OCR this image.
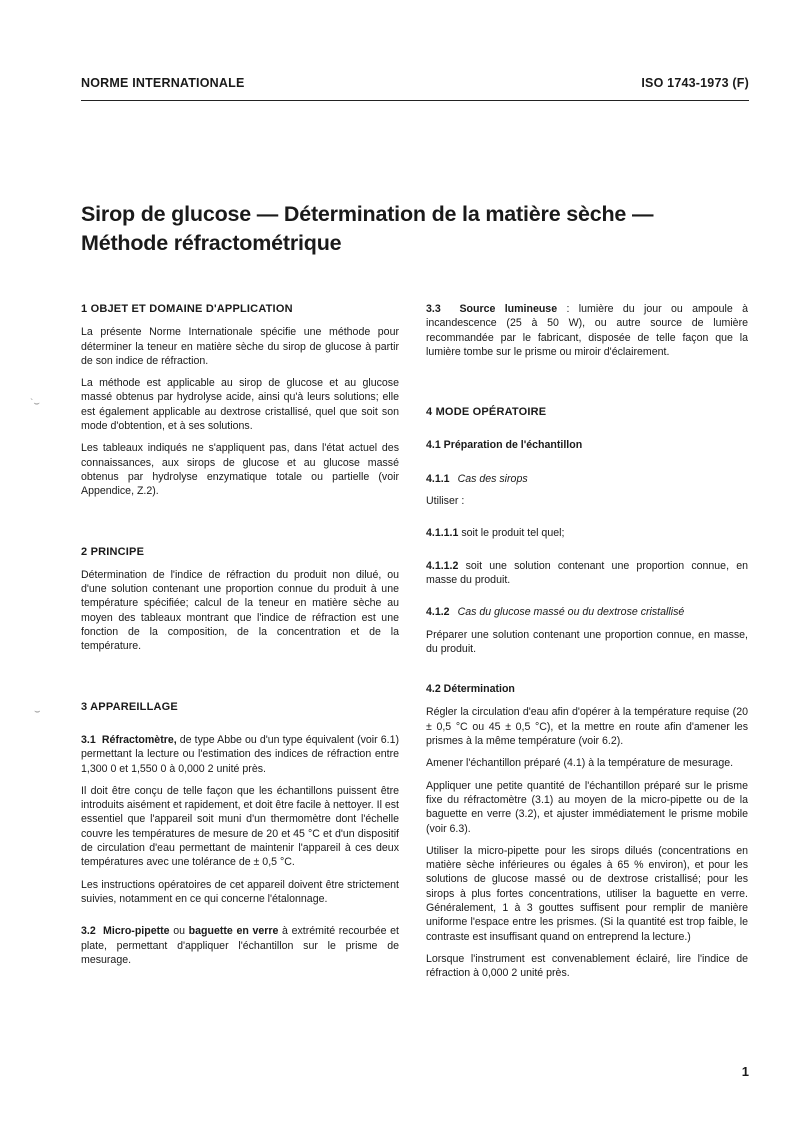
NORME INTERNATIONALE	ISO 1743-1973 (F)
`⌣
⌣
Sirop de glucose — Détermination de la matière sèche —
Méthode réfractométrique
1 OBJET ET DOMAINE D'APPLICATION

La présente Norme Internationale spécifie une méthode pour déterminer la teneur en matière sèche du sirop de glucose à partir de son indice de réfraction.

La méthode est applicable au sirop de glucose et au glucose massé obtenus par hydrolyse acide, ainsi qu'à leurs solutions; elle est également applicable au dextrose cristallisé, quel que soit son mode d'obtention, et à ses solutions.

Les tableaux indiqués ne s'appliquent pas, dans l'état actuel des connaissances, aux sirops de glucose et au glucose massé obtenus par hydrolyse enzymatique totale ou partielle (voir Appendice, Z.2).

2 PRINCIPE

Détermination de l'indice de réfraction du produit non dilué, ou d'une solution contenant une proportion connue du produit à une température spécifiée; calcul de la teneur en matière sèche au moyen des tableaux montrant que l'indice de réfraction est une fonction de la composition, de la concentration et de la température.

3 APPAREILLAGE

3.1 Réfractomètre, de type Abbe ou d'un type équivalent (voir 6.1) permettant la lecture ou l'estimation des indices de réfraction entre 1,300 0 et 1,550 0 à 0,000 2 unité près.

Il doit être conçu de telle façon que les échantillons puissent être introduits aisément et rapidement, et doit être facile à nettoyer. Il est essentiel que l'appareil soit muni d'un thermomètre dont l'échelle couvre les températures de mesure de 20 et 45 °C et d'un dispositif de circulation d'eau permettant de maintenir l'appareil à ces deux températures avec une tolérance de ± 0,5 °C.

Les instructions opératoires de cet appareil doivent être strictement suivies, notamment en ce qui concerne l'étalonnage.

3.2 Micro-pipette ou baguette en verre à extrémité recourbée et plate, permettant d'appliquer l'échantillon sur le prisme de mesurage.

3.3 Source lumineuse : lumière du jour ou ampoule à incandescence (25 à 50 W), ou autre source de lumière recommandée par le fabricant, disposée de telle façon que la lumière tombe sur le prisme ou miroir d'éclairement.

4 MODE OPÉRATOIRE
4.1 Préparation de l'échantillon
4.1.1 Cas des sirops

Utiliser :

4.1.1.1 soit le produit tel quel;

4.1.1.2 soit une solution contenant une proportion connue, en masse du produit.

4.1.2 Cas du glucose massé ou du dextrose cristallisé

Préparer une solution contenant une proportion connue, en masse, du produit.

4.2 Détermination

Régler la circulation d'eau afin d'opérer à la température requise (20 ± 0,5 °C ou 45 ± 0,5 °C), et la mettre en route afin d'amener les prismes à la même température (voir 6.2).

Amener l'échantillon préparé (4.1) à la température de mesurage.

Appliquer une petite quantité de l'échantillon préparé sur le prisme fixe du réfractomètre (3.1) au moyen de la micro-pipette ou de la baguette en verre (3.2), et ajuster immédiatement le prisme mobile (voir 6.3).

Utiliser la micro-pipette pour les sirops dilués (concentrations en matière sèche inférieures ou égales à 65 % environ), et pour les solutions de glucose massé ou de dextrose cristallisé; pour les sirops à plus fortes concentrations, utiliser la baguette en verre. Généralement, 1 à 3 gouttes suffisent pour remplir de manière uniforme l'espace entre les prismes. (Si la quantité est trop faible, le contraste est insuffisant quand on entreprend la lecture.)

Lorsque l'instrument est convenablement éclairé, lire l'indice de réfraction à 0,000 2 unité près.

1
